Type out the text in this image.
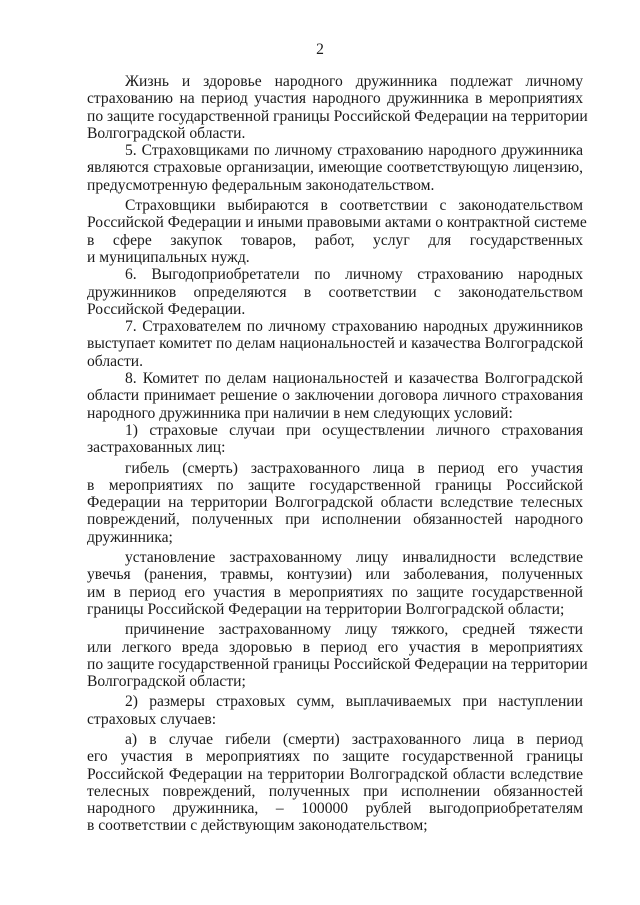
2

Жизнь и здоровье народного дружинника подлежат личному
страхованию на период участия народного дружинника в мероприятиях
по защите государственной границы Российской Федерации на территории
Волгоградской области.

5. Страховщиками по личному страхованию народного дружинника
являются страховые организации, имеющие соответствующую лицензию,
предусмотренную федеральным законодательством.

Страховщики выбираются в соответствии с законодательством
Российской Федерации и иными правовыми актами о контрактной системе
в сфере закупок товаров, работ, услуг для государственных
и муниципальных нужд.

6. Выгодоприобретатели по личному страхованию народных
дружинников определяются в соответствии с законодательством
Российской Федерации.

7. Страхователем по личному страхованию народных дружинников
выступает комитет по делам национальностей и казачества Волгоградской
области.

8. Комитет по делам национальностей и казачества Волгоградской
области принимает решение о заключении договора личного страхования
народного дружинника при наличии в нем следующих условий:

1) страховые случаи при осуществлении личного страхования
застрахованных лиц:

гибель (смерть) застрахованного лица в период его участия
в мероприятиях по защите государственной границы Российской
Федерации на территории Волгоградской области вследствие телесных
повреждений, полученных при исполнении обязанностей народного
дружинника;

установление застрахованному лицу инвалидности вследствие
увечья (ранения, травмы, контузии) или заболевания, полученных
им в период его участия в мероприятиях по защите государственной
границы Российской Федерации на территории Волгоградской области;

причинение застрахованному лицу тяжкого, средней тяжести
или легкого вреда здоровью в период его участия в мероприятиях
по защите государственной границы Российской Федерации на территории
Волгоградской области;

2) размеры страховых сумм, выплачиваемых при наступлении
страховых случаев:

а) в случае гибели (смерти) застрахованного лица в период
его участия в мероприятиях по защите государственной границы
Российской Федерации на территории Волгоградской области вследствие
телесных повреждений, полученных при исполнении обязанностей
народного дружинника, – 100000 рублей выгодоприобретателям
в соответствии с действующим законодательством;
